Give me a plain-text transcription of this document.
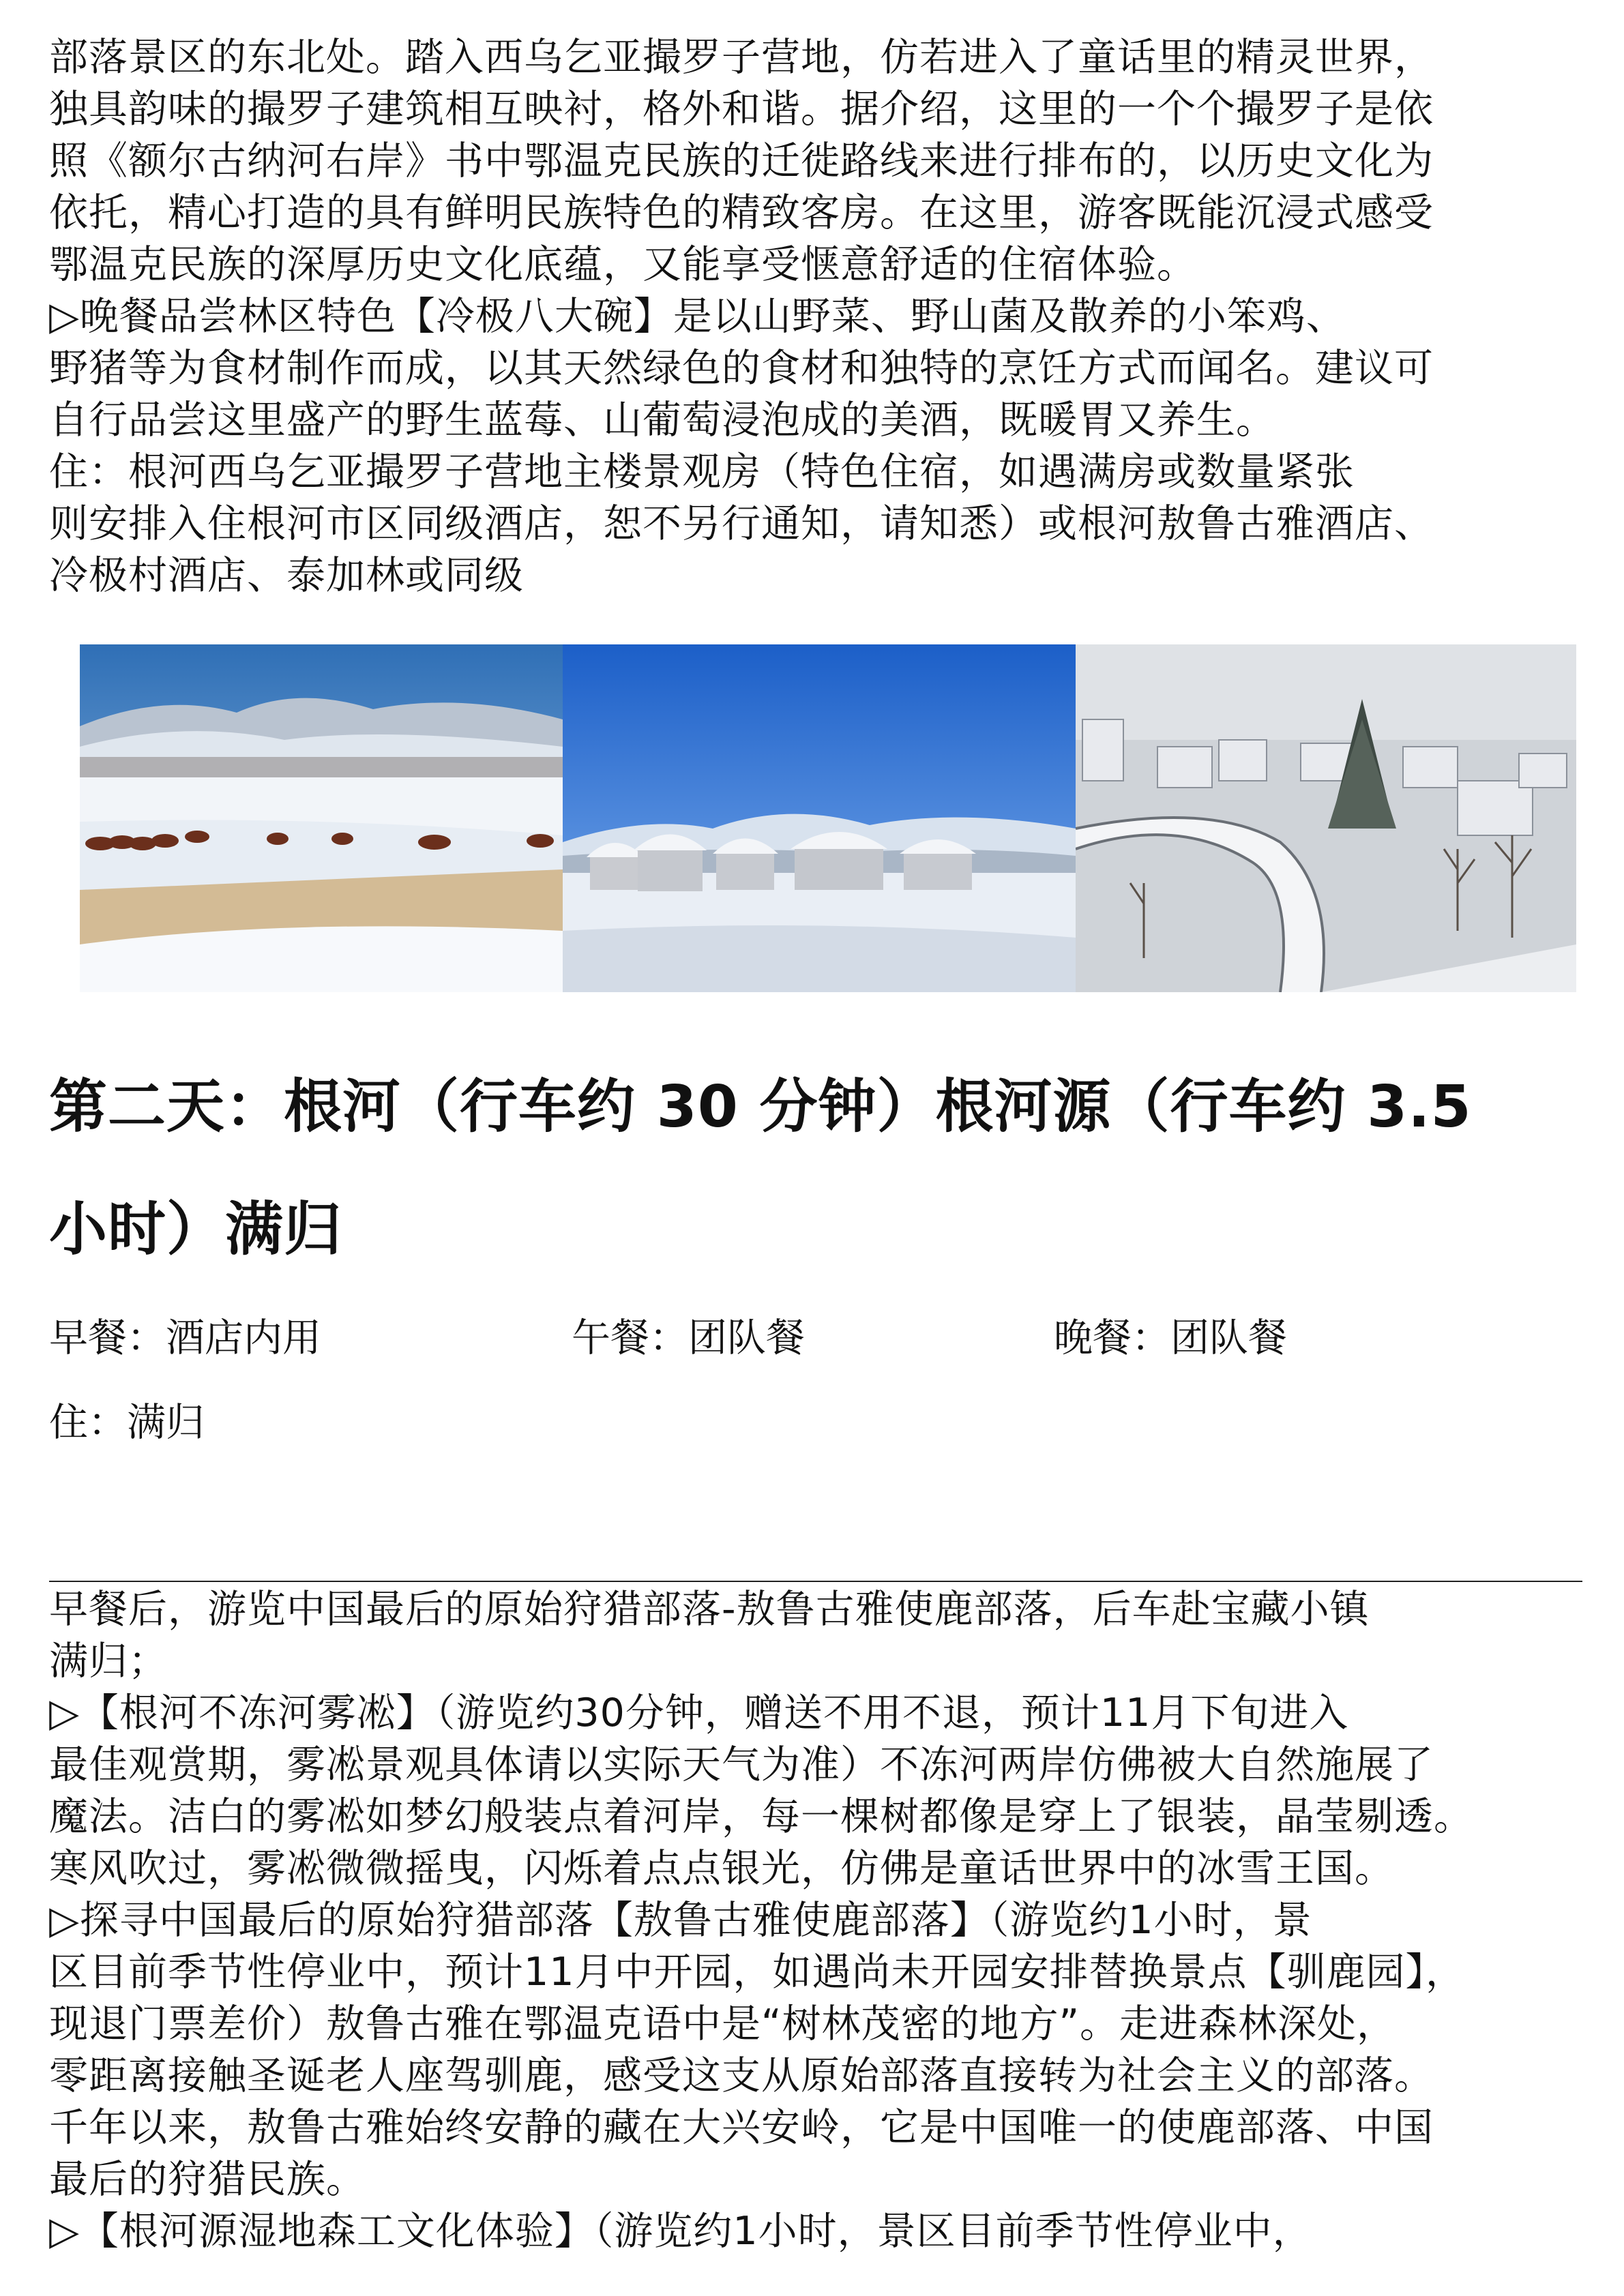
部落景区的东北处。踏入西乌乞亚撮罗子营地，仿若进入了童话里的精灵世界，
独具韵味的撮罗子建筑相互映衬，格外和谐。据介绍，这里的一个个撮罗子是依
照《额尔古纳河右岸》书中鄂温克民族的迁徙路线来进行排布的，以历史文化为
依托，精心打造的具有鲜明民族特色的精致客房。在这里，游客既能沉浸式感受
鄂温克民族的深厚历史文化底蕴，又能享受惬意舒适的住宿体验。
▷晚餐品尝林区特色【冷极八大碗】是以山野菜、野山菌及散养的小笨鸡、
野猪等为食材制作而成，以其天然绿色的食材和独特的烹饪方式而闻名。建议可
自行品尝这里盛产的野生蓝莓、山葡萄浸泡成的美酒，既暖胃又养生。
住：根河西乌乞亚撮罗子营地主楼景观房（特色住宿，如遇满房或数量紧张
则安排入住根河市区同级酒店，恕不另行通知，请知悉）或根河敖鲁古雅酒店、
冷极村酒店、泰加林或同级
第二天：根河（行车约 30 分钟）根河源（行车约 3.5
小时）满归
早餐：酒店内用	午餐：团队餐	晚餐：团队餐
住：满归
早餐后，游览中国最后的原始狩猎部落-敖鲁古雅使鹿部落，后车赴宝藏小镇
满归；
▷【根河不冻河雾凇】（游览约30分钟，赠送不用不退，预计11月下旬进入
最佳观赏期，雾凇景观具体请以实际天气为准）不冻河两岸仿佛被大自然施展了
魔法。洁白的雾凇如梦幻般装点着河岸，每一棵树都像是穿上了银装，晶莹剔透。
寒风吹过，雾凇微微摇曳，闪烁着点点银光，仿佛是童话世界中的冰雪王国。
▷探寻中国最后的原始狩猎部落【敖鲁古雅使鹿部落】（游览约1小时，景
区目前季节性停业中，预计11月中开园，如遇尚未开园安排替换景点【驯鹿园】，
现退门票差价）敖鲁古雅在鄂温克语中是“树林茂密的地方”。走进森林深处，
零距离接触圣诞老人座驾驯鹿，感受这支从原始部落直接转为社会主义的部落。
千年以来，敖鲁古雅始终安静的藏在大兴安岭，它是中国唯一的使鹿部落、中国
最后的狩猎民族。
▷【根河源湿地森工文化体验】（游览约1小时，景区目前季节性停业中，
